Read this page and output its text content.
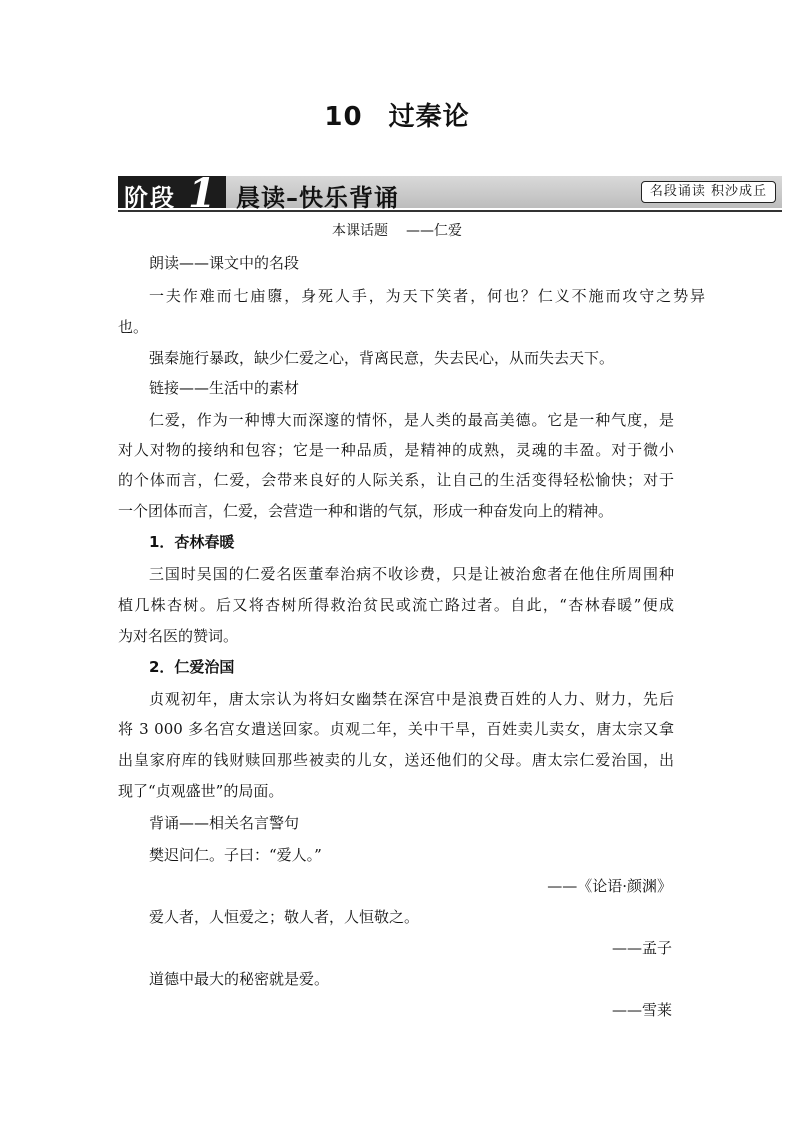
10 过秦论
阶段 1 晨读–快乐背诵	名段诵读 积沙成丘
本课话题 ——仁爱
朗读——课文中的名段
一夫作难而七庙隳，身死人手，为天下笑者，何也？仁义不施而攻守之势异
也。
强秦施行暴政，缺少仁爱之心，背离民意，失去民心，从而失去天下。
链接——生活中的素材
仁爱，作为一种博大而深邃的情怀，是人类的最高美德。它是一种气度，是
对人对物的接纳和包容；它是一种品质，是精神的成熟，灵魂的丰盈。对于微小
的个体而言，仁爱，会带来良好的人际关系，让自己的生活变得轻松愉快；对于
一个团体而言，仁爱，会营造一种和谐的气氛，形成一种奋发向上的精神。
1．杏林春暖
三国时吴国的仁爱名医董奉治病不收诊费，只是让被治愈者在他住所周围种
植几株杏树。后又将杏树所得救治贫民或流亡路过者。自此，“杏林春暖”便成
为对名医的赞词。
2．仁爱治国
贞观初年，唐太宗认为将妇女幽禁在深宫中是浪费百姓的人力、财力，先后
将 3 000 多名宫女遣送回家。贞观二年，关中干旱，百姓卖儿卖女，唐太宗又拿
出皇家府库的钱财赎回那些被卖的儿女，送还他们的父母。唐太宗仁爱治国，出
现了“贞观盛世”的局面。
背诵——相关名言警句
樊迟问仁。子曰：“爱人。”
——《论语·颜渊》
爱人者，人恒爱之；敬人者，人恒敬之。
——孟子
道德中最大的秘密就是爱。
——雪莱
